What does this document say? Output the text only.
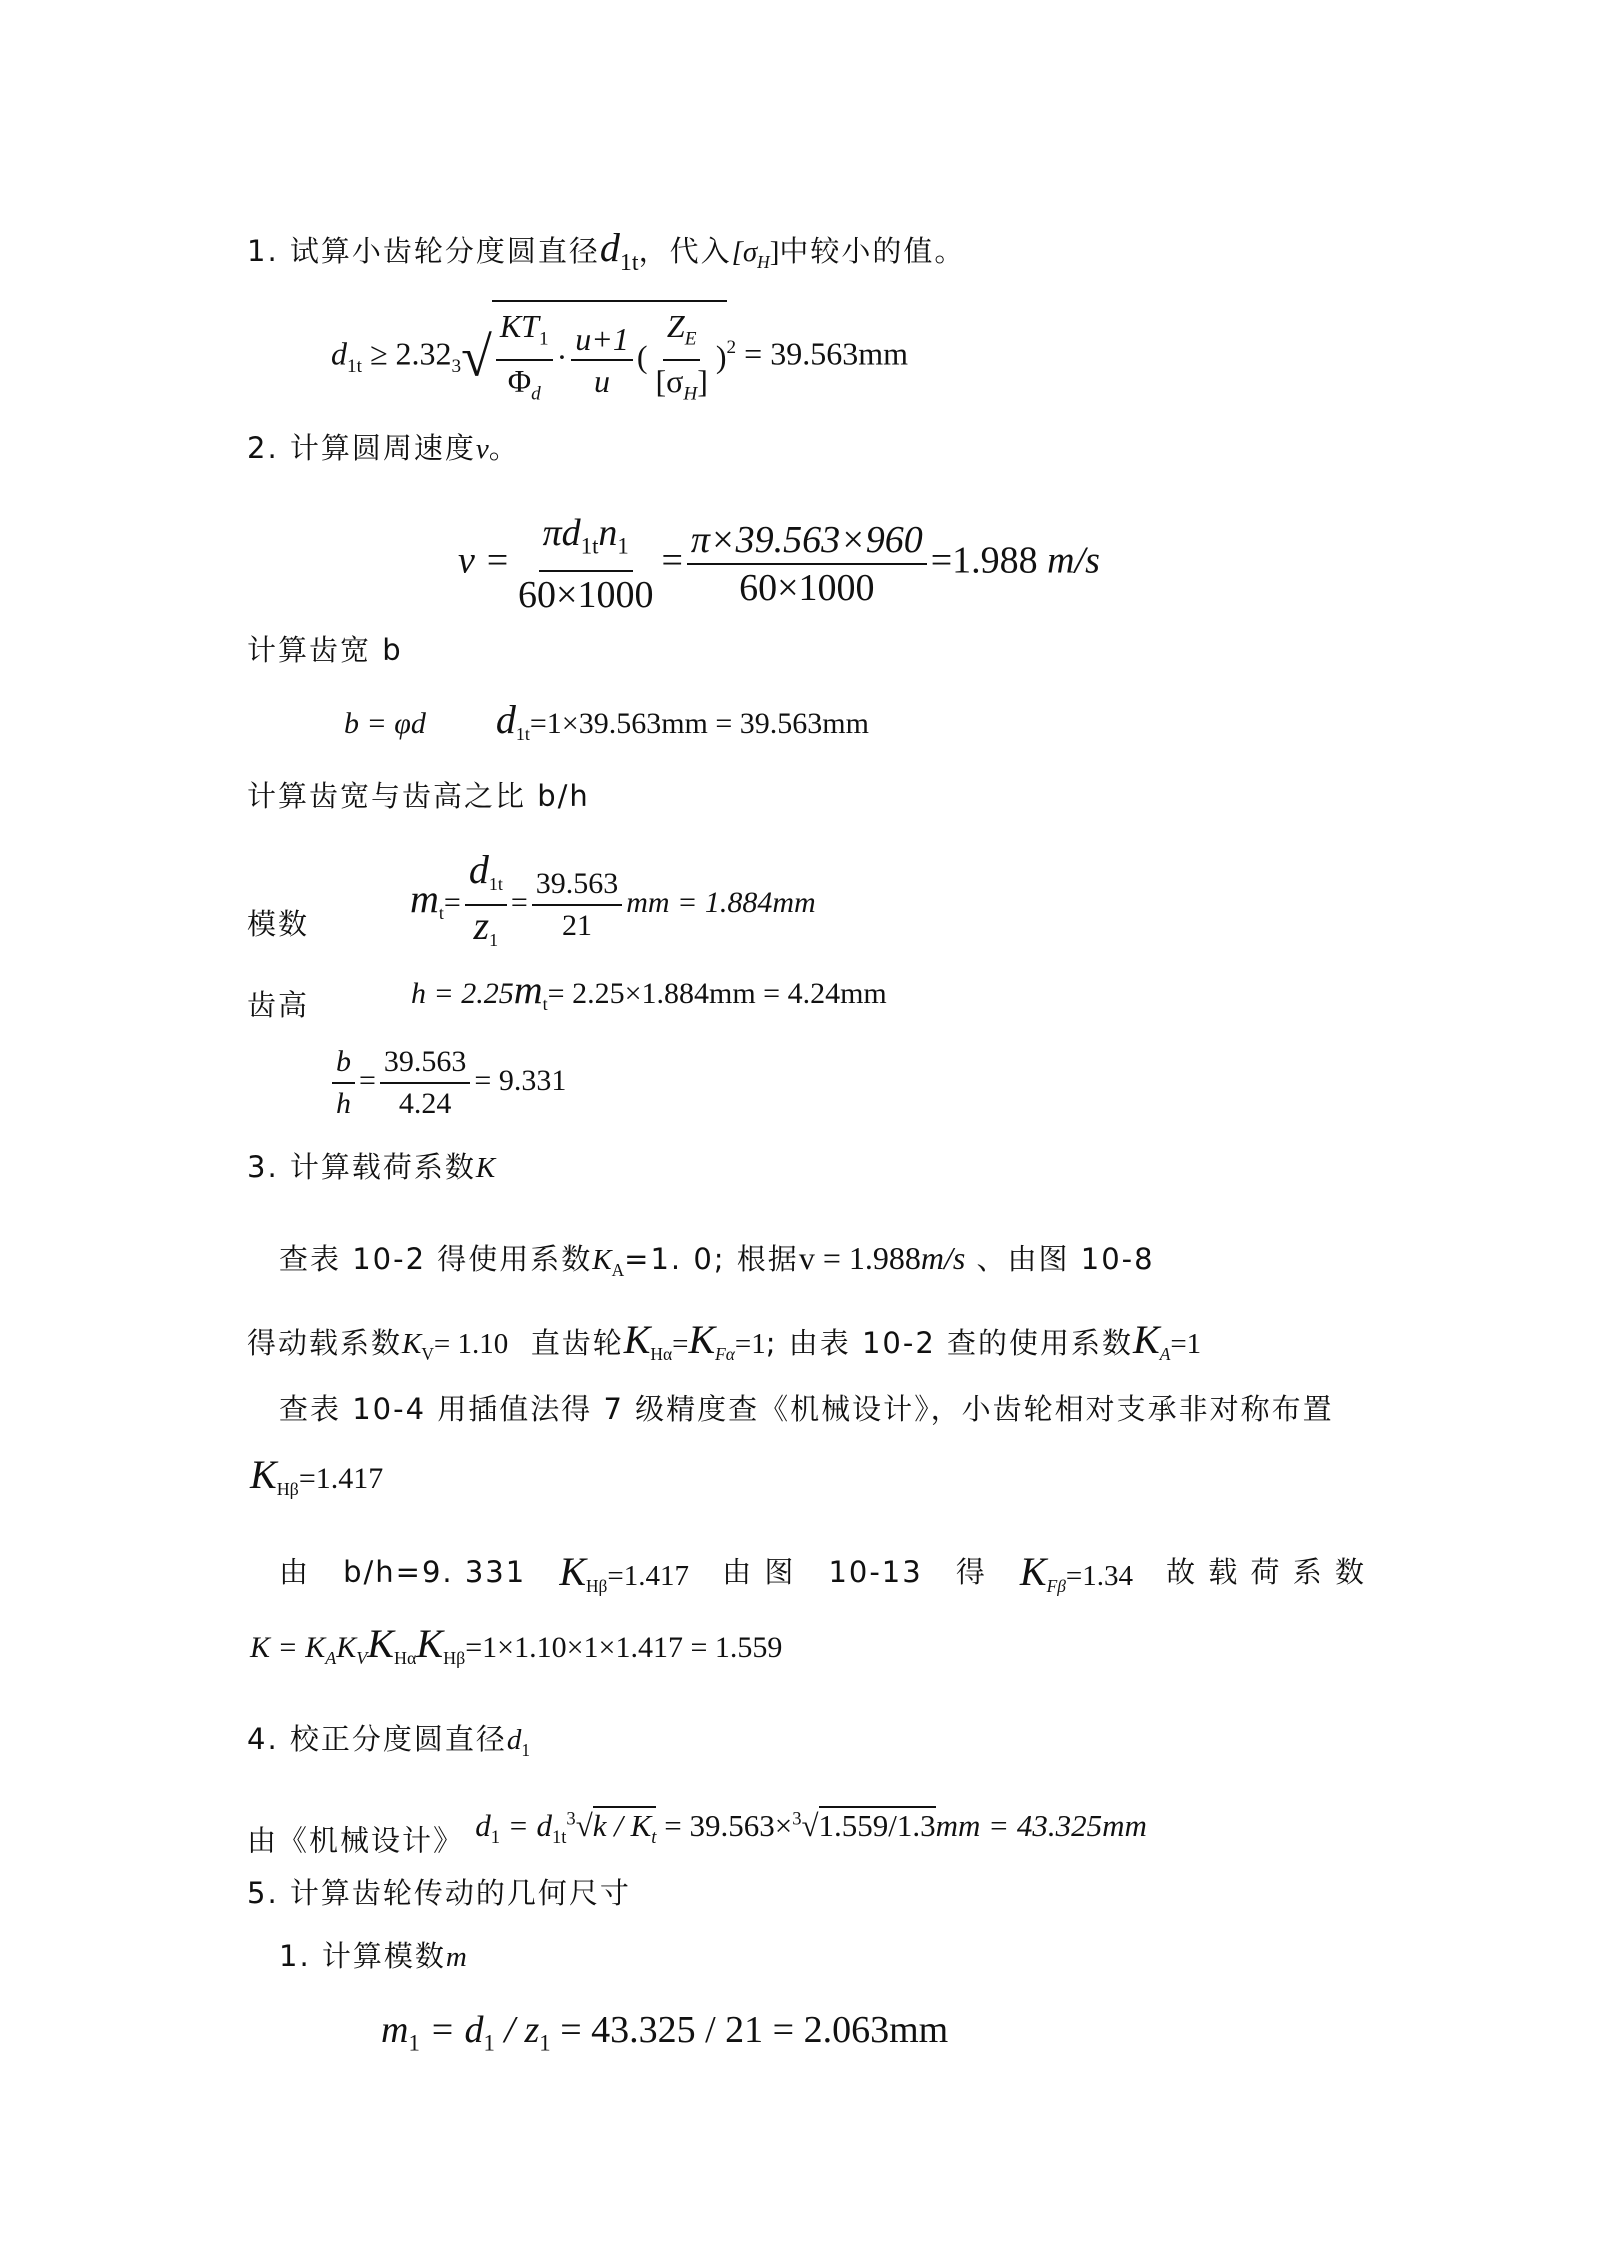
1. 试算小齿轮分度圆直径$d_{1t}$，代入$[\sigma_H]$中较小的值。
$d_{1t} \ge 2.32_3√ \frac{KT_1}{\Phi_d} \cdot \frac{u+1}{u}$ ( $\frac{Z_E}{[\sigma_H]} )^2 = 39.563mm$
2. 计算圆周速度v。
$v = \frac{\pi d_{1t}n_1}{60\times 1000} = \frac{\pi\times 39.563\times 960}{60\times 1000} =1.988$ m/s
计算齿宽 b
b = φd $d_{1t}=1\times 39.563mm = 39.563mm$
计算齿宽与齿高之比 b/h
模数
$m_t= \frac{d_{1t}}{z_1} = \frac{39.563}{21}$ mm = 1.884mm
齿高	$h = 2.25m_t= 2.25\times 1.884mm = 4.24mm$
$\frac{b}{h} = \frac{39.563}{4.24} = 9.331$
3. 计算载荷系数K
查表 10-2 得使用系数$K_A=1$. 0; 根据v = 1.988m/s 、由图 10-8
得动载系数$K_V= 1.10$ 直齿轮$K_{H\alpha}=K_{F\alpha}=1$; 由表 10-2 查的使用系数$K_A=1$
查表 10-4 用插值法得 7 级精度查《机械设计》，小齿轮相对支承非对称布置
$K_{H\beta}=1.417$
由 b/h=9. 331 $K_{H\beta}=1.417$ 由 图 10-13 得 $K_{F\beta}=1.34$ 故 载 荷 系 数
$K = K_AK_VK_{H\alpha}K_{H\beta}=1\times 1.10\times 1\times 1.417 = 1.559$
4. 校正分度圆直径$d_1$
由《机械设计》 $d_1 = d_{1t}^3√k / K_t = 39.563\times^3√1.559/1.3mm = 43.325mm$
5. 计算齿轮传动的几何尺寸
1. 计算模数m
$m_1 = d_1 / z_1 = 43.325 / 21 = 2.063mm$
